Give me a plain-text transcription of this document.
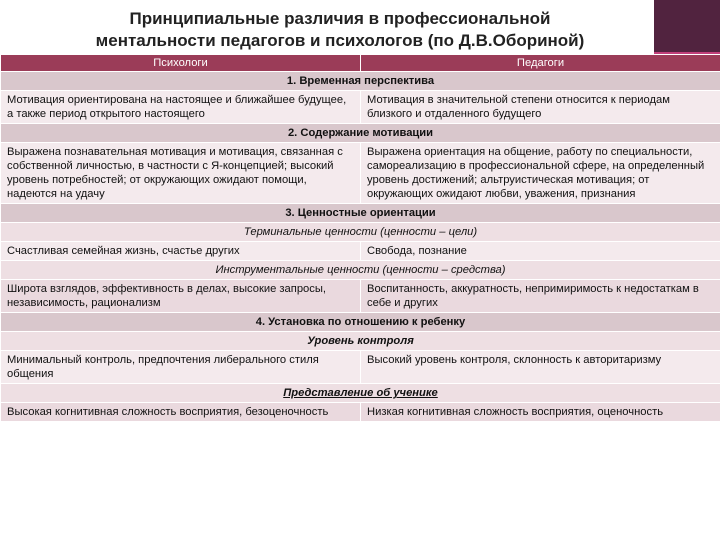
Принципиальные различия в профессиональной
ментальности педагогов и психологов (по Д.В.Обориной)
Психологи	Педагоги
1. Временная перспектива	
Мотивация ориентирована на настоящее и ближайшее будущее, а также период открытого настоящего	Мотивация в значительной степени относится к периодам близкого и отдаленного будущего
2. Содержание мотивации	
Выражена познавательная мотивация и мотивация, связанная с собственной личностью, в частности с Я-концепцией; высокий уровень потребностей; от окружающих ожидают помощи, надеются на удачу	Выражена ориентация на общение, работу по специальности, самореализацию в профессиональной сфере, на определенный уровень достижений; альтруистическая мотивация; от окружающих ожидают любви, уважения, признания
3. Ценностные ориентации	
Терминальные ценности (ценности – цели)	
Счастливая семейная жизнь, счастье других	Свобода, познание
Инструментальные ценности (ценности – средства)	
Широта взглядов, эффективность в делах, высокие запросы, независимость, рационализм	Воспитанность, аккуратность, непримиримость к недостаткам в себе и других
4. Установка по отношению к ребенку	
Уровень контроля	
Минимальный контроль, предпочтения либерального стиля общения	Высокий уровень контроля, склонность к авторитаризму
Представление об ученике	
Высокая когнитивная сложность восприятия, безоценочность	Низкая когнитивная сложность восприятия, оценочность
